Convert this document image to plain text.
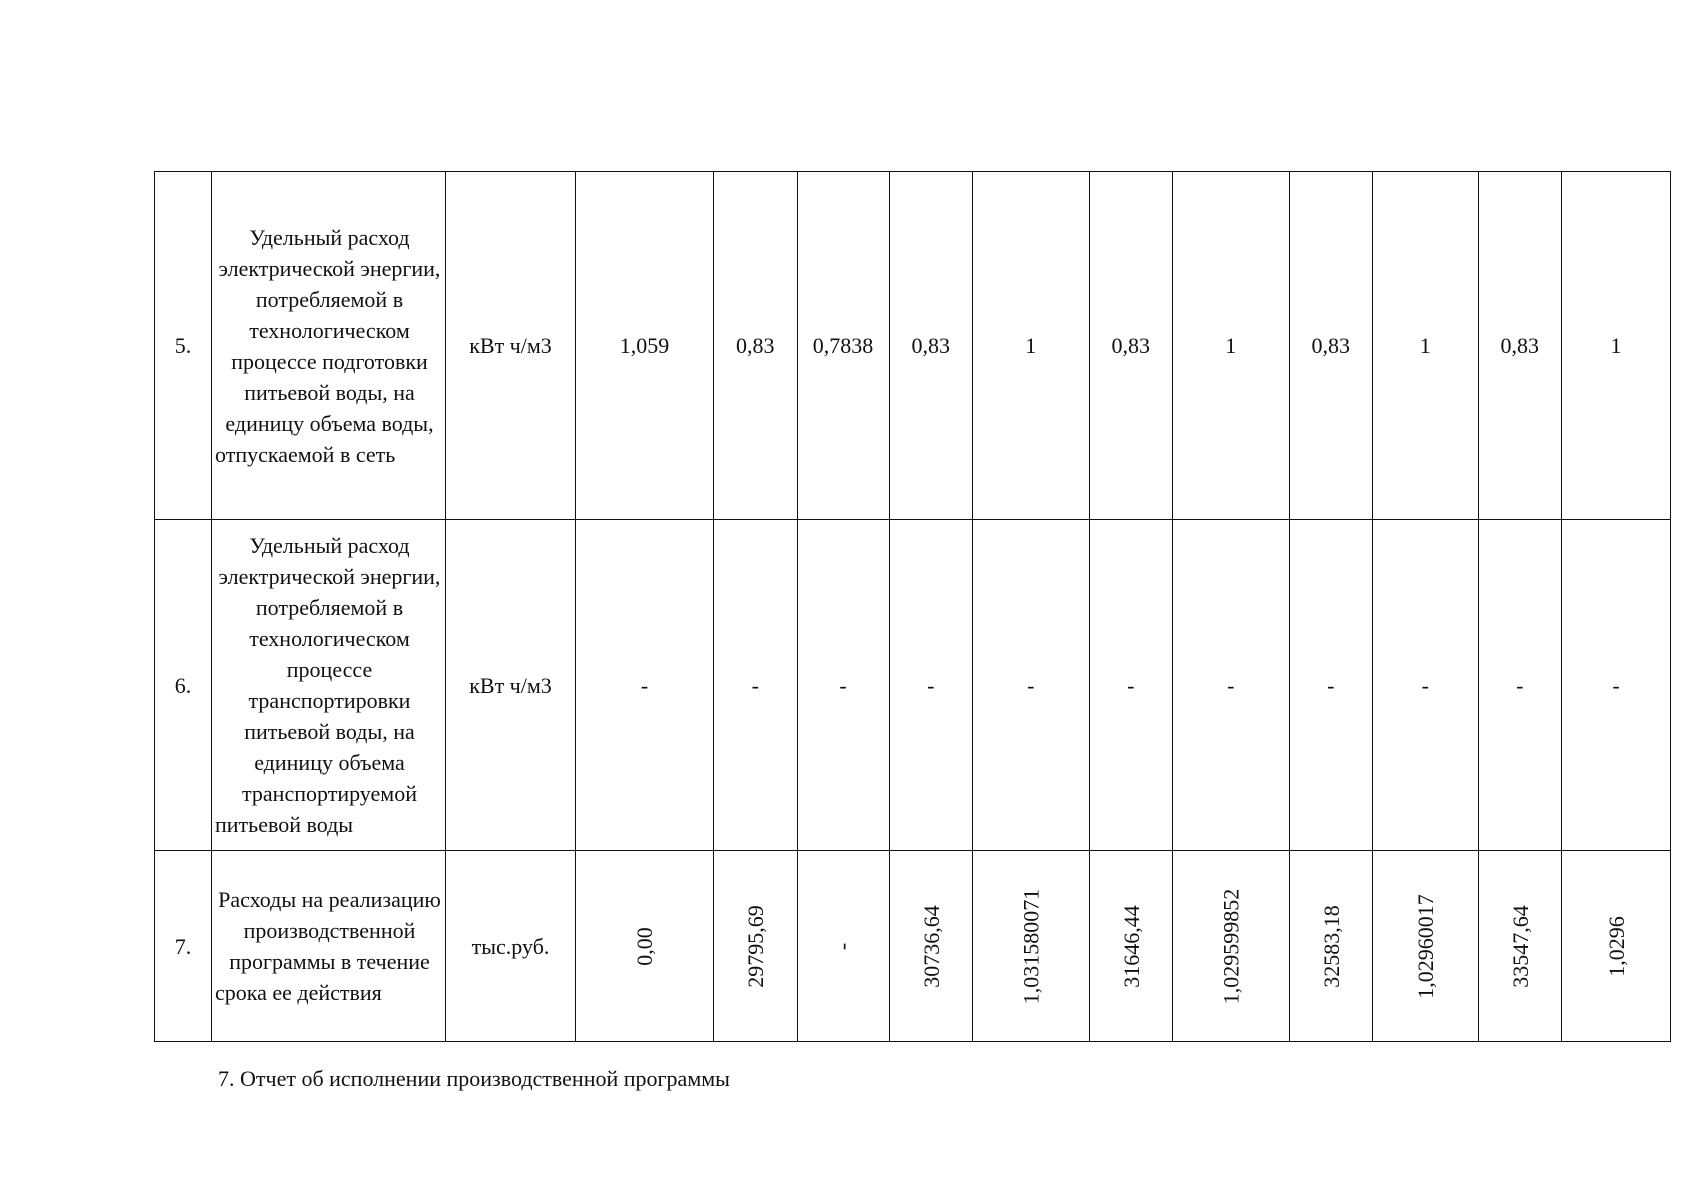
5.	Удельный расход электрической энергии, потребляемой в технологическом процессе подготовки питьевой воды, на единицу объема воды, отпускаемой в сеть	кВт ч/м3	1,059	0,83	0,7838	0,83	1	0,83	1	0,83	1	0,83	1
6.	Удельный расход электрической энергии, потребляемой в технологическом процессе транспортировки питьевой воды, на единицу объема транспортируемой питьевой воды	кВт ч/м3	-	-	-	-	-	-	-	-	-	-	-
7.	Расходы на реализацию производственной программы в течение срока ее действия	тыс.руб.	0,00	29795,69	-	30736,64	1,031580071	31646,44	1,029599852	32583,18	1,02960017	33547,64	1,0296
7. Отчет об исполнении производственной программы
